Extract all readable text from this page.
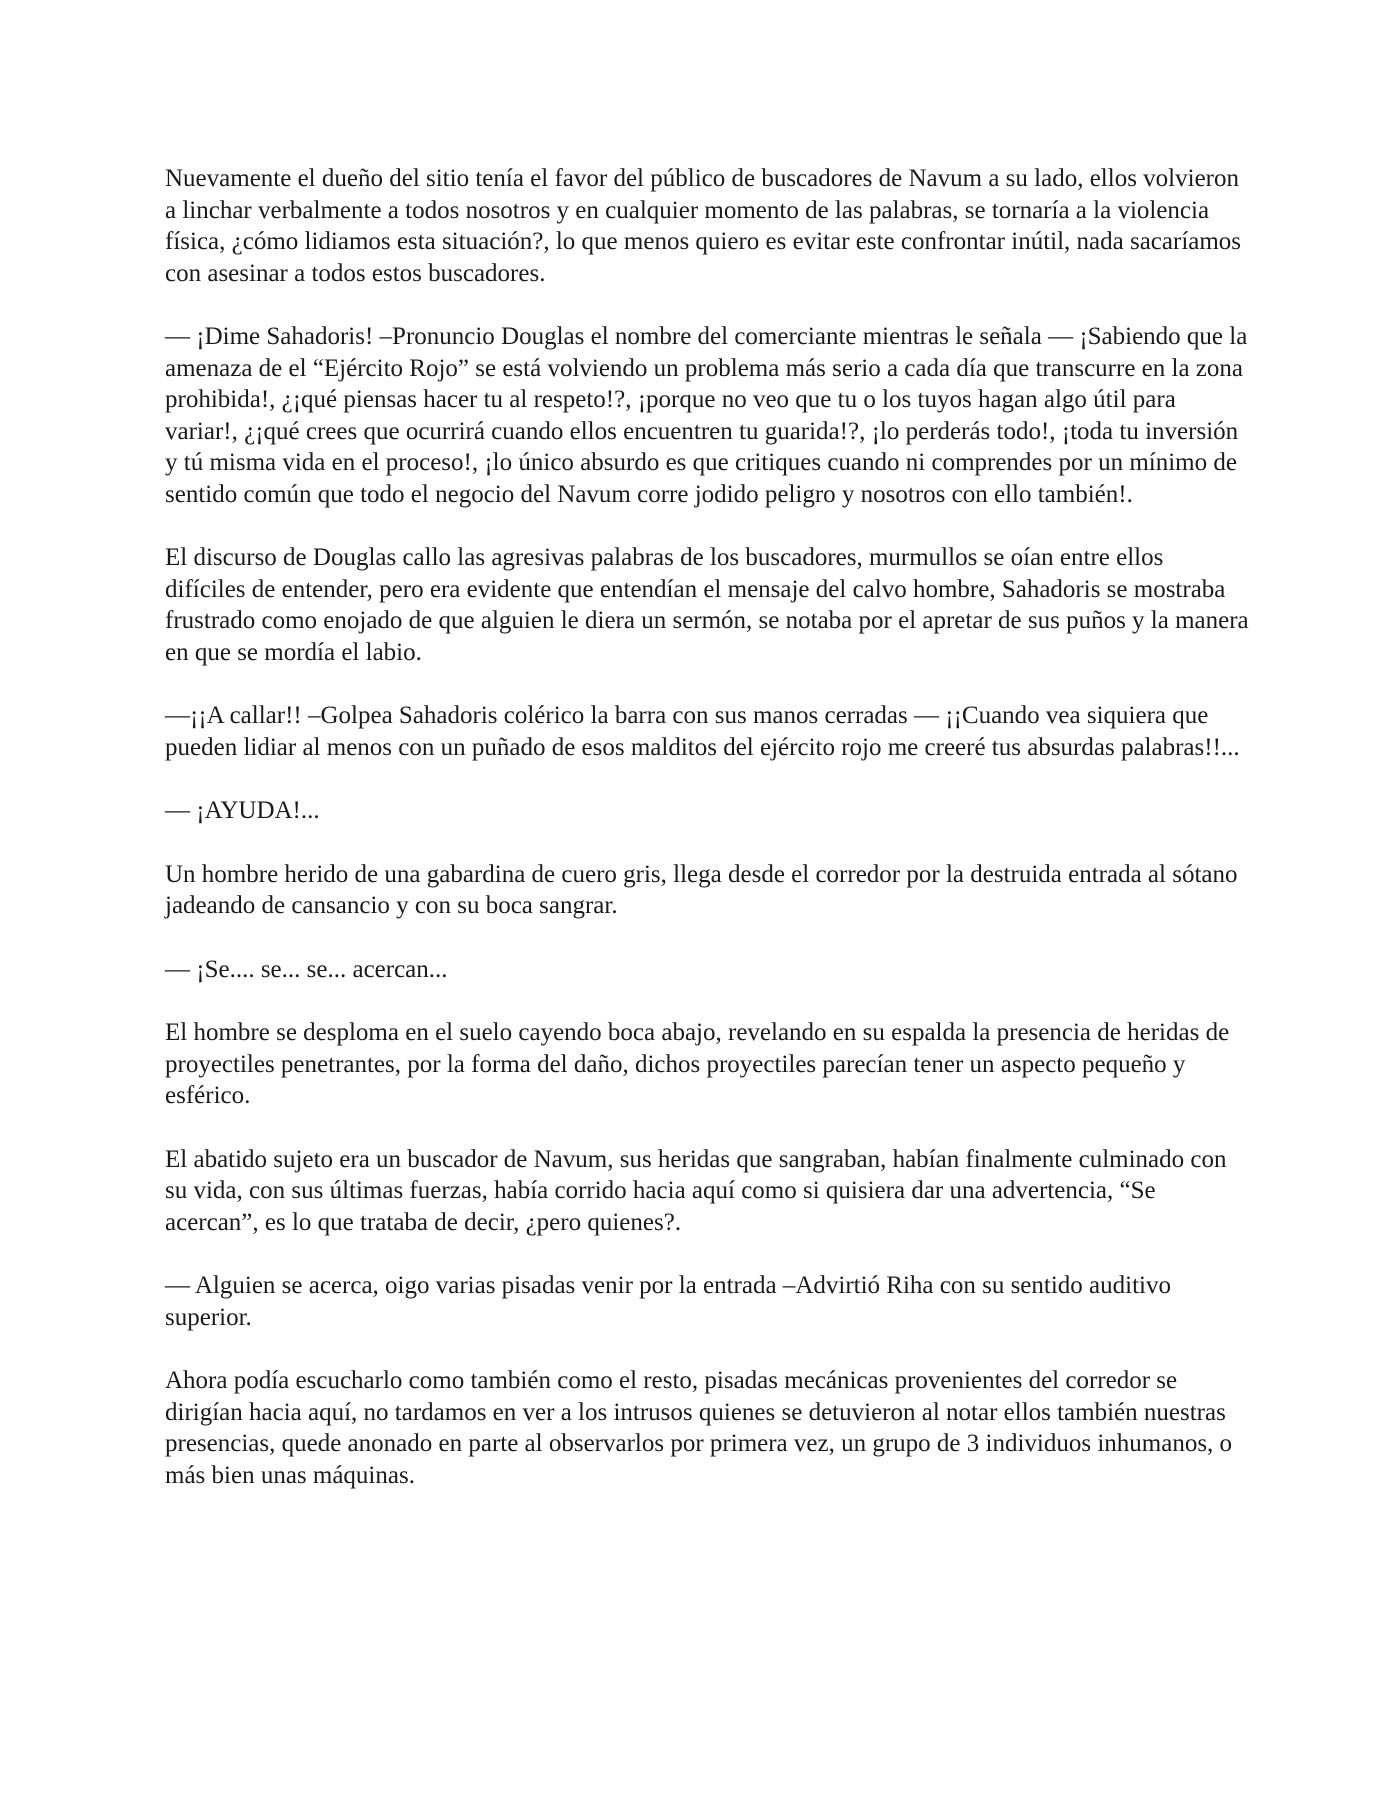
Nuevamente el dueño del sitio tenía el favor del público de buscadores de Navum a su lado, ellos volvieron a linchar verbalmente a todos nosotros y en cualquier momento de las palabras, se tornaría a la violencia física, ¿cómo lidiamos esta situación?, lo que menos quiero es evitar este confrontar inútil, nada sacaríamos con asesinar a todos estos buscadores.

— ¡Dime Sahadoris! –Pronuncio Douglas el nombre del comerciante mientras le señala — ¡Sabiendo que la amenaza de el “Ejército Rojo” se está volviendo un problema más serio a cada día que transcurre en la zona prohibida!, ¿¡qué piensas hacer tu al respeto!?, ¡porque no veo que tu o los tuyos hagan algo útil para variar!, ¿¡qué crees que ocurrirá cuando ellos encuentren tu guarida!?, ¡lo perderás todo!, ¡toda tu inversión y tú misma vida en el proceso!, ¡lo único absurdo es que critiques cuando ni comprendes por un mínimo de sentido común que todo el negocio del Navum corre jodido peligro y nosotros con ello también!.

El discurso de Douglas callo las agresivas palabras de los buscadores, murmullos se oían entre ellos difíciles de entender, pero era evidente que entendían el mensaje del calvo hombre, Sahadoris se mostraba frustrado como enojado de que alguien le diera un sermón, se notaba por el apretar de sus puños y la manera en que se mordía el labio.

—¡¡A callar!! –Golpea Sahadoris colérico la barra con sus manos cerradas — ¡¡Cuando vea siquiera que pueden lidiar al menos con un puñado de esos malditos del ejército rojo me creeré tus absurdas palabras!!...

— ¡AYUDA!...

Un hombre herido de una gabardina de cuero gris, llega desde el corredor por la destruida entrada al sótano jadeando de cansancio y con su boca sangrar.

— ¡Se.... se... se... acercan...

El hombre se desploma en el suelo cayendo boca abajo, revelando en su espalda la presencia de heridas de proyectiles penetrantes, por la forma del daño, dichos proyectiles parecían tener un aspecto pequeño y esférico.

El abatido sujeto era un buscador de Navum, sus heridas que sangraban, habían finalmente culminado con su vida, con sus últimas fuerzas, había corrido hacia aquí como si quisiera dar una advertencia, “Se acercan”, es lo que trataba de decir, ¿pero quienes?.

— Alguien se acerca, oigo varias pisadas venir por la entrada –Advirtió Riha con su sentido auditivo superior.

Ahora podía escucharlo como también como el resto, pisadas mecánicas provenientes del corredor se dirigían hacia aquí, no tardamos en ver a los intrusos quienes se detuvieron al notar ellos también nuestras presencias, quede anonado en parte al observarlos por primera vez, un grupo de 3 individuos inhumanos, o más bien unas máquinas.
